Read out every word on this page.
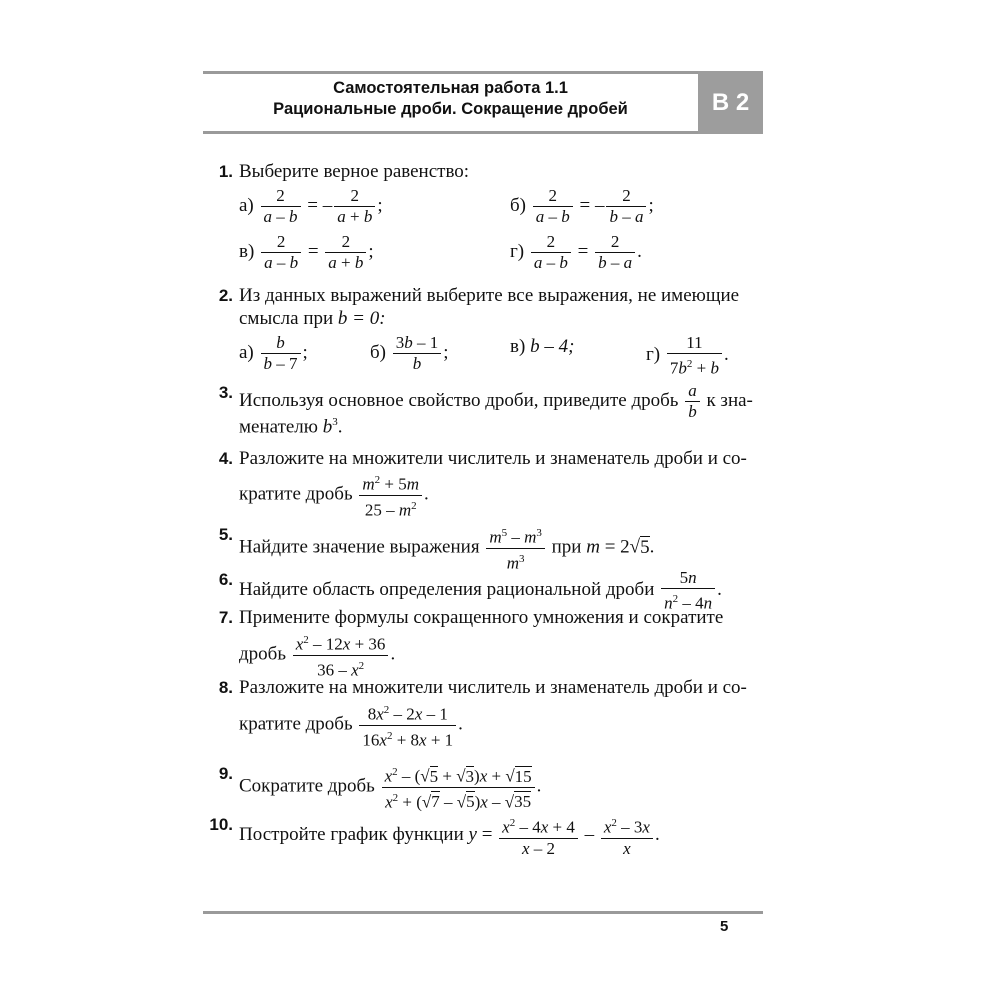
Самостоятельная работа 1.1
Рациональные дроби. Сокращение дробей	В 2
1. Выберите верное равенство:
$а) \frac{2}{a - b}$ = – $\frac{2}{a + b}$ ;	$б) \frac{2}{a - b}$ = – $\frac{2}{b - a}$ ;
$в) \frac{2}{a - b} = \frac{2}{a + b}$ ;	$г) \frac{2}{a - b} = \frac{2}{b - a}$ .
2. Из данных выражений выберите все выражения, не имеющие
смысла при b = 0:
$а) \frac{b}{b - 7}$ ;	$б) \frac{3b - 1}{b}$ ;	в) b – 4;	$г) \frac{11}{7b^2 + b}$ .
3. Используя основное свойство дроби, приведите дробь $\frac{a}{b}$ к зна-
менателю $b^3$.
4. Разложите на множители числитель и знаменатель дроби и со-
кратите дробь $\frac{m^2 + 5m}{25 - m^2}$ .
5.
Найдите значение выражения $\frac{m^5 - m^3}{m^3}$ при m = 2√5.
6. Найдите область определения рациональной дроби $\frac{5n}{n^2 - 4n}$ .
7. Примените формулы сокращенного умножения и сократите
дробь $\frac{x^2 - 12x + 36}{36 - x^2}$ .
8. Разложите на множители числитель и знаменатель дроби и со-
кратите дробь $\frac{8x^2 - 2x - 1}{16x^2 + 8x + 1}$ .
9.
Сократите дробь $\frac{x^2 - (√5 + √3)x + √15}{x^2 + (√7 - √5)x - √35}$ .
10. Постройте график функции $y = \frac{x^2 - 4x + 4}{x - 2} - \frac{x^2 - 3x}{x}$ .
5
